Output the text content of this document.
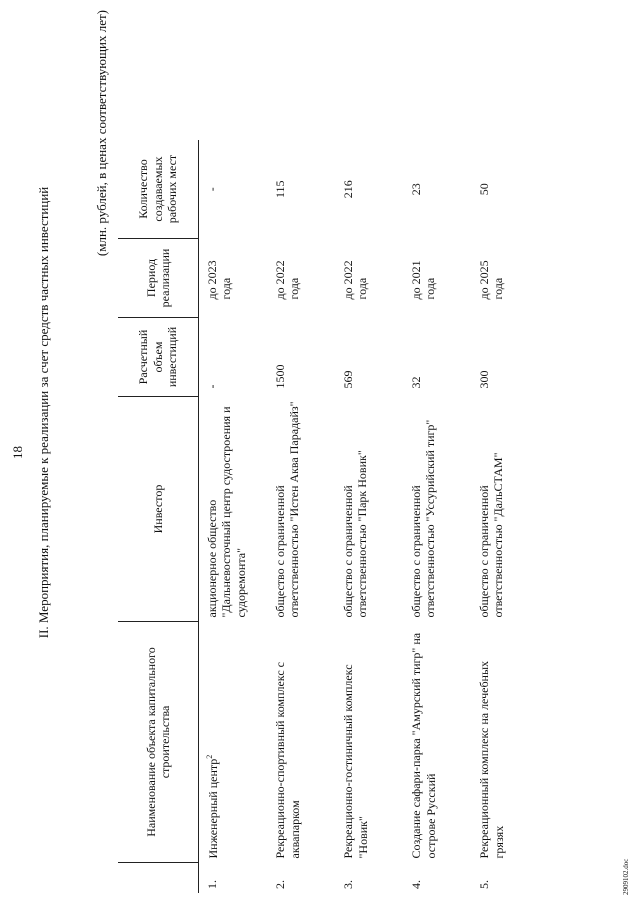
18 II. Мероприятия, планируемые к реализации за счет средств частных инвестиций
(млн. рублей, в ценах соответствующих лет)
	Наименование объекта капитального строительства	Инвестор	Расчетный объем инвестиций	Период реализации	Количество создаваемых рабочих мест
1.	Инженерный центр$^2$	акционерное общество "Дальневосточный центр судостроения и судоремонта"	-	до 2023 года	-
2.	Рекреационно-спортивный комплекс с аквапарком	общество с ограниченной ответственностью "Истен Аква Парадайз"	1500	до 2022 года	115
3.	Рекреационно-гостиничный комплекс "Новик"	общество с ограниченной ответственностью "Парк Новик"	569	до 2022 года	216
4.	Создание сафари-парка "Амурский тигр" на острове Русский	общество с ограниченной ответственностью "Уссурийский тигр"	32	до 2021 года	23
5.	Рекреационный комплекс на лечебных грязях	общество с ограниченной ответственностью "ДальСТАМ"	300	до 2025 года	50
2909102.doc
